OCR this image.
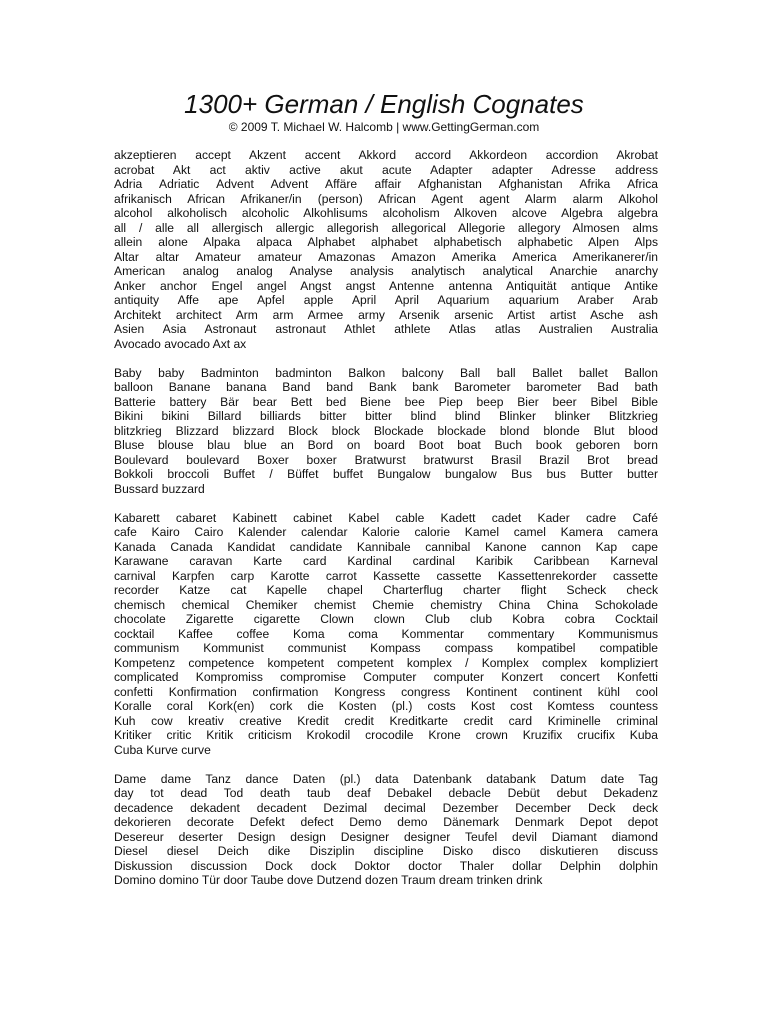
1300+ German / English Cognates
© 2009 T. Michael W. Halcomb | www.GettingGerman.com
akzeptieren accept Akzent accent Akkord accord Akkordeon accordion Akrobat
acrobat Akt act aktiv active akut acute Adapter adapter Adresse address
Adria Adriatic Advent Advent Affäre affair Afghanistan Afghanistan Afrika Africa
afrikanisch African Afrikaner/in (person) African Agent agent Alarm alarm Alkohol
alcohol alkoholisch alcoholic Alkohlisums alcoholism Alkoven alcove Algebra algebra
all / alle all allergisch allergic allegorish allegorical Allegorie allegory Almosen alms
allein alone Alpaka alpaca Alphabet alphabet alphabetisch alphabetic Alpen Alps
Altar altar Amateur amateur Amazonas Amazon Amerika America Amerikanerer/in
American analog analog Analyse analysis analytisch analytical Anarchie anarchy
Anker anchor Engel angel Angst angst Antenne antenna Antiquität antique Antike
antiquity Affe ape Apfel apple April April Aquarium aquarium Araber Arab
Architekt architect Arm arm Armee army Arsenik arsenic Artist artist Asche ash
Asien Asia Astronaut astronaut Athlet athlete Atlas atlas Australien Australia
Avocado avocado Axt ax
Baby baby Badminton badminton Balkon balcony Ball ball Ballet ballet Ballon
balloon Banane banana Band band Bank bank Barometer barometer Bad bath
Batterie battery Bär bear Bett bed Biene bee Piep beep Bier beer Bibel Bible
Bikini bikini Billard billiards bitter bitter blind blind Blinker blinker Blitzkrieg
blitzkrieg Blizzard blizzard Block block Blockade blockade blond blonde Blut blood
Bluse blouse blau blue an Bord on board Boot boat Buch book geboren born
Boulevard boulevard Boxer boxer Bratwurst bratwurst Brasil Brazil Brot bread
Bokkoli broccoli Buffet / Büffet buffet Bungalow bungalow Bus bus Butter butter
Bussard buzzard
Kabarett cabaret Kabinett cabinet Kabel cable Kadett cadet Kader cadre Café
cafe Kairo Cairo Kalender calendar Kalorie calorie Kamel camel Kamera camera
Kanada Canada Kandidat candidate Kannibale cannibal Kanone cannon Kap cape
Karawane caravan Karte card Kardinal cardinal Karibik Caribbean Karneval
carnival Karpfen carp Karotte carrot Kassette cassette Kassettenrekorder cassette
recorder Katze cat Kapelle chapel Charterflug charter flight Scheck check
chemisch chemical Chemiker chemist Chemie chemistry China China Schokolade
chocolate Zigarette cigarette Clown clown Club club Kobra cobra Cocktail
cocktail Kaffee coffee Koma coma Kommentar commentary Kommunismus
communism Kommunist communist Kompass compass kompatibel compatible
Kompetenz competence kompetent competent komplex / Komplex complex kompliziert
complicated Kompromiss compromise Computer computer Konzert concert Konfetti
confetti Konfirmation confirmation Kongress congress Kontinent continent kühl cool
Koralle coral Kork(en) cork die Kosten (pl.) costs Kost cost Komtess countess
Kuh cow kreativ creative Kredit credit Kreditkarte credit card Kriminelle criminal
Kritiker critic Kritik criticism Krokodil crocodile Krone crown Kruzifix crucifix Kuba
Cuba Kurve curve
Dame dame Tanz dance Daten (pl.) data Datenbank databank Datum date Tag
day tot dead Tod death taub deaf Debakel debacle Debüt debut Dekadenz
decadence dekadent decadent Dezimal decimal Dezember December Deck deck
dekorieren decorate Defekt defect Demo demo Dänemark Denmark Depot depot
Desereur deserter Design design Designer designer Teufel devil Diamant diamond
Diesel diesel Deich dike Disziplin discipline Disko disco diskutieren discuss
Diskussion discussion Dock dock Doktor doctor Thaler dollar Delphin dolphin
Domino domino Tür door Taube dove Dutzend dozen Traum dream trinken drink
